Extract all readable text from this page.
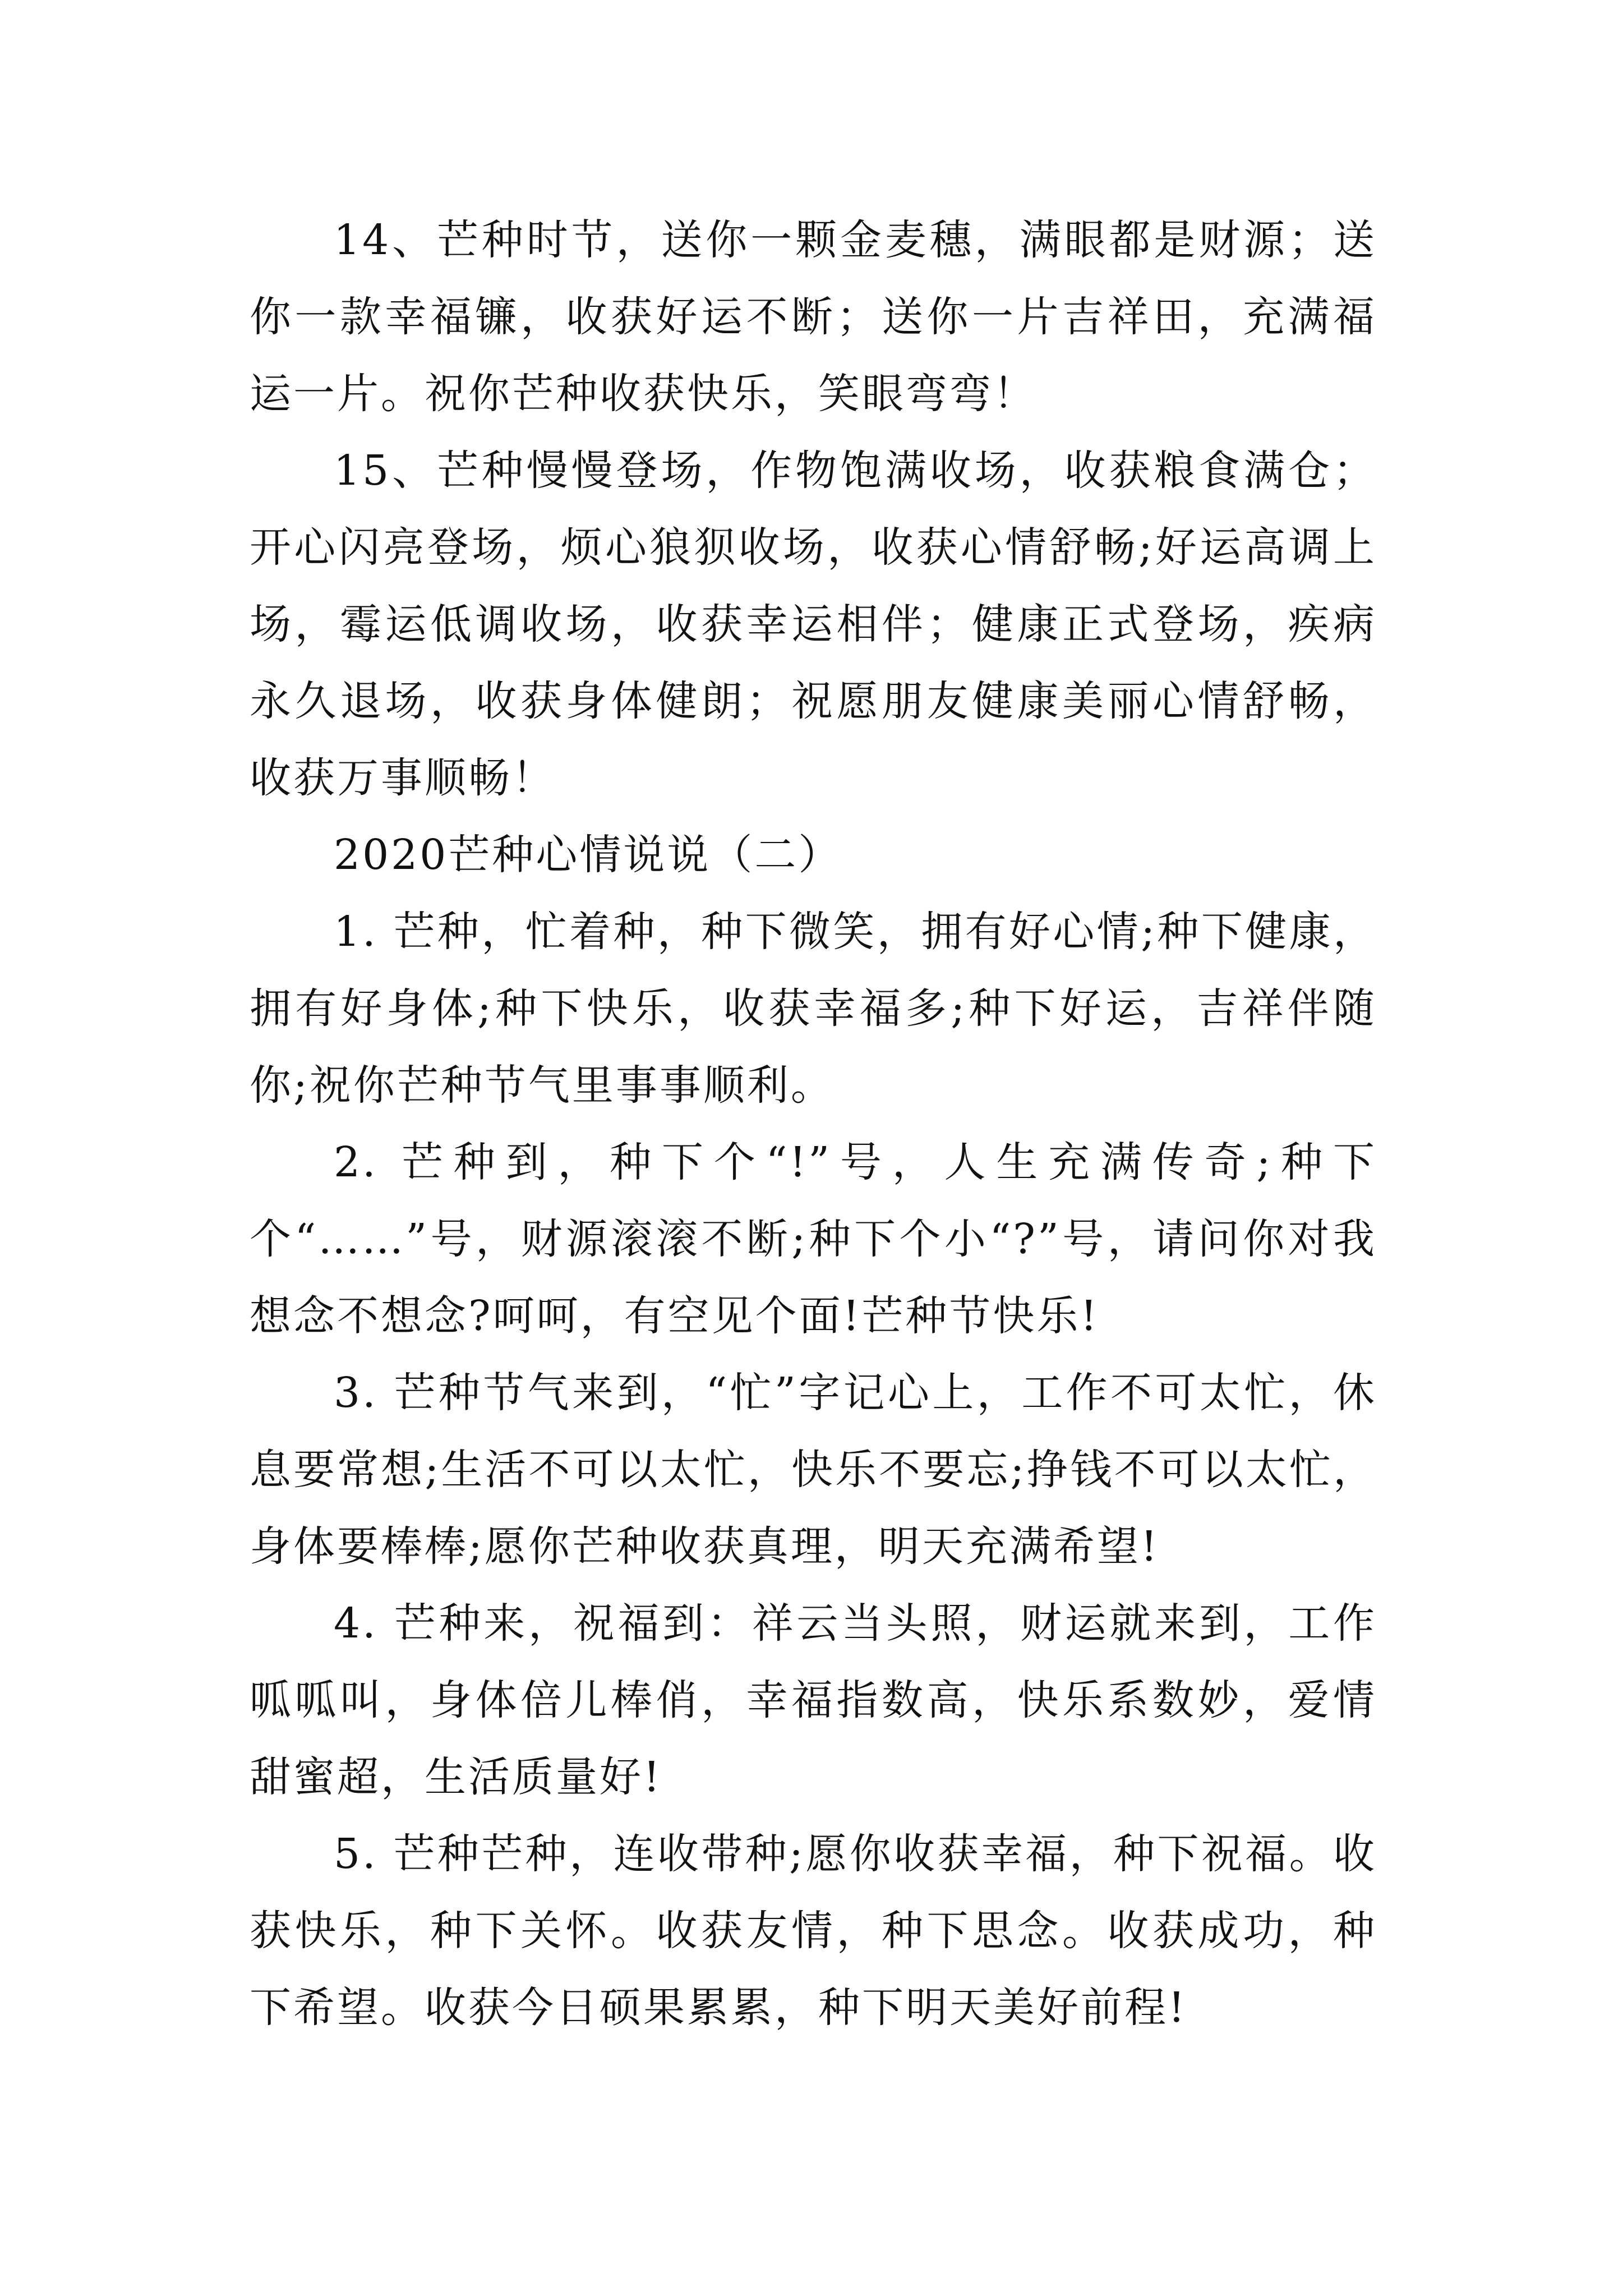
14、芒种时节，送你一颗金麦穗，满眼都是财源；送你一款幸福镰，收获好运不断；送你一片吉祥田，充满福运一片。祝你芒种收获快乐，笑眼弯弯！

15、芒种慢慢登场，作物饱满收场，收获粮食满仓；开心闪亮登场，烦心狼狈收场，收获心情舒畅;好运高调上场，霉运低调收场，收获幸运相伴；健康正式登场，疾病永久退场，收获身体健朗；祝愿朋友健康美丽心情舒畅，收获万事顺畅！

2020芒种心情说说（二）

1. 芒种，忙着种，种下微笑，拥有好心情;种下健康，拥有好身体;种下快乐，收获幸福多;种下好运，吉祥伴随你;祝你芒种节气里事事顺利。

2. 芒种到，种下个“!”号，人生充满传奇;种下个“……”号，财源滚滚不断;种下个小“?”号，请问你对我想念不想念?呵呵，有空见个面!芒种节快乐!

3. 芒种节气来到，“忙”字记心上，工作不可太忙，休息要常想;生活不可以太忙，快乐不要忘;挣钱不可以太忙，身体要棒棒;愿你芒种收获真理，明天充满希望!

4. 芒种来，祝福到：祥云当头照，财运就来到，工作呱呱叫，身体倍儿棒俏，幸福指数高，快乐系数妙，爱情甜蜜超，生活质量好!

5. 芒种芒种，连收带种;愿你收获幸福，种下祝福。收获快乐，种下关怀。收获友情，种下思念。收获成功，种下希望。收获今日硕果累累，种下明天美好前程!
